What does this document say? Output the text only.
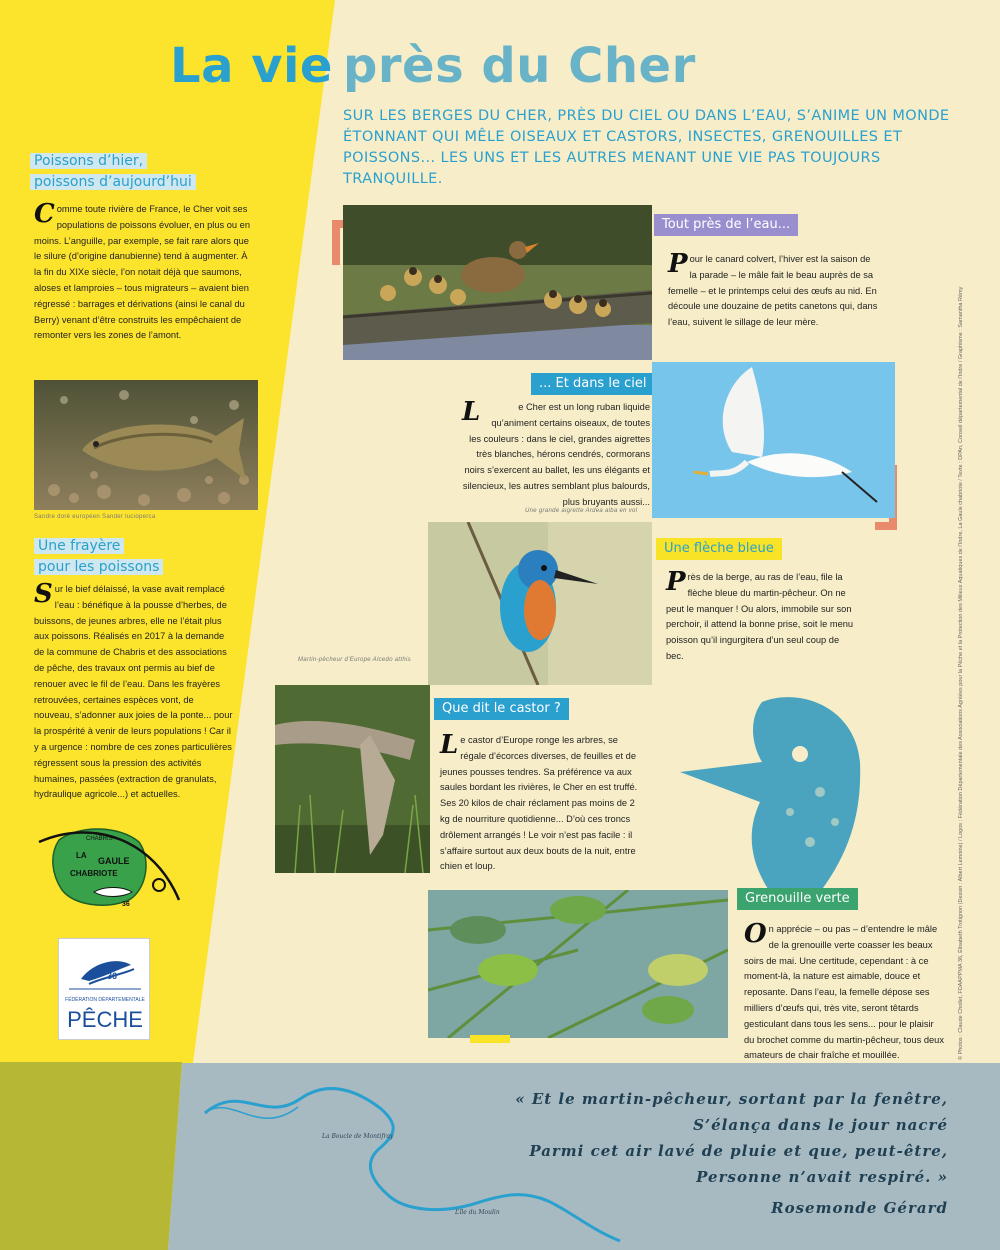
La vie près du Cher
SUR LES BERGES DU CHER, PRÈS DU CIEL OU DANS L’EAU, S’ANIME UN MONDE ÉTONNANT QUI MÊLE OISEAUX ET CASTORS, INSECTES, GRENOUILLES ET POISSONS... LES UNS ET LES AUTRES MENANT UNE VIE PAS TOUJOURS TRANQUILLE.
Poissons d’hier,
poissons d’aujourd’hui
Comme toute rivière de France, le Cher voit ses populations de poissons évoluer, en plus ou en moins. L’anguille, par exemple, se fait rare alors que le silure (d’origine danubienne) tend à augmenter. À la fin du XIXe siècle, l’on notait déjà que saumons, aloses et lamproies – tous migrateurs – avaient bien régressé : barrages et dérivations (ainsi le canal du Berry) venant d’être construits les empêchaient de remonter vers les zones de l’amont.
Sandre doré européen Sander lucioperca
Une frayère
pour les poissons
Sur le bief délaissé, la vase avait remplacé l’eau : bénéfique à la pousse d’herbes, de buissons, de jeunes arbres, elle ne l’était plus aux poissons. Réalisés en 2017 à la demande de la commune de Chabris et des associations de pêche, des travaux ont permis au bief de renouer avec le fil de l’eau. Dans les frayères retrouvées, certaines espèces vont, de nouveau, s’adonner aux joies de la ponte... pour la prospérité à venir de leurs populations ! Car il y a urgence : nombre de ces zones particulières régressent sous la pression des activités humaines, passées (extraction de granulats, hydraulique agricole...) et actuelles.
CHABRIS
LA
GAULE
CHABRIOTE
36
36
FÉDÉRATION DÉPARTEMENTALE
PÊCHE
Tout près de l’eau...
Pour le canard colvert, l’hiver est la saison de la parade – le mâle fait le beau auprès de sa femelle – et le printemps celui des œufs au nid. En découle une douzaine de petits canetons qui, dans l’eau, suivent le sillage de leur mère.
... Et dans le ciel
L	e Cher est un long ruban liquide qu’animent certains oiseaux, de toutes les couleurs : dans le ciel, grandes aigrettes très blanches, hérons cendrés, cormorans noirs s’exercent au ballet, les uns élégants et silencieux, les autres semblant plus balourds, plus bruyants aussi...
Une grande aigrette Ardea alba en vol
Martin-pêcheur d’Europe Alcedo atthis
Une flèche bleue
Près de la berge, au ras de l’eau, file la flèche bleue du martin-pêcheur. On ne peut le manquer ! Ou alors, immobile sur son perchoir, il attend la bonne prise, soit le menu poisson qu’il ingurgitera d’un seul coup de bec.
Que dit le castor ?
Le castor d’Europe ronge les arbres, se régale d’écorces diverses, de feuilles et de jeunes pousses tendres. Sa préférence va aux saules bordant les rivières, le Cher en est truffé. Ses 20 kilos de chair réclament pas moins de 2 kg de nourriture quotidienne... D’où ces troncs drôlement arrangés ! Le voir n’est pas facile : il s’affaire surtout aux deux bouts de la nuit, entre chien et loup.
Grenouille verte
On apprécie – ou pas – d’entendre le mâle de la grenouille verte coasser les beaux soirs de mai. Une certitude, cependant : à ce moment-là, la nature est aimable, douce et reposante. Dans l’eau, la femelle dépose ses milliers d’œufs qui, très vite, seront têtards gesticulant dans tous les sens... pour le plaisir du brochet comme du martin-pêcheur, tous deux amateurs de chair fraîche et mouillée.	© Photos : Claude Chollet, FDAAPPMA 36, Élisabeth Trotignon (Dessin : Albert Lemoine) / Logos : Fédération Départementale des Associations Agréées pour la Pêche et la Protection des Milieux Aquatiques de l’Indre, La Gaule chabriote / Texte : DPAn, Conseil départemental de l’Indre / Graphisme : Samantha Rémy
« Et le martin-pêcheur, sortant par la fenêtre,
S’élança dans le jour nacré
Parmi cet air lavé de pluie et que, peut-être,
Personne n’avait respiré. »
Rosemonde Gérard
La Boucle de Montifray
L’île du Moulin
